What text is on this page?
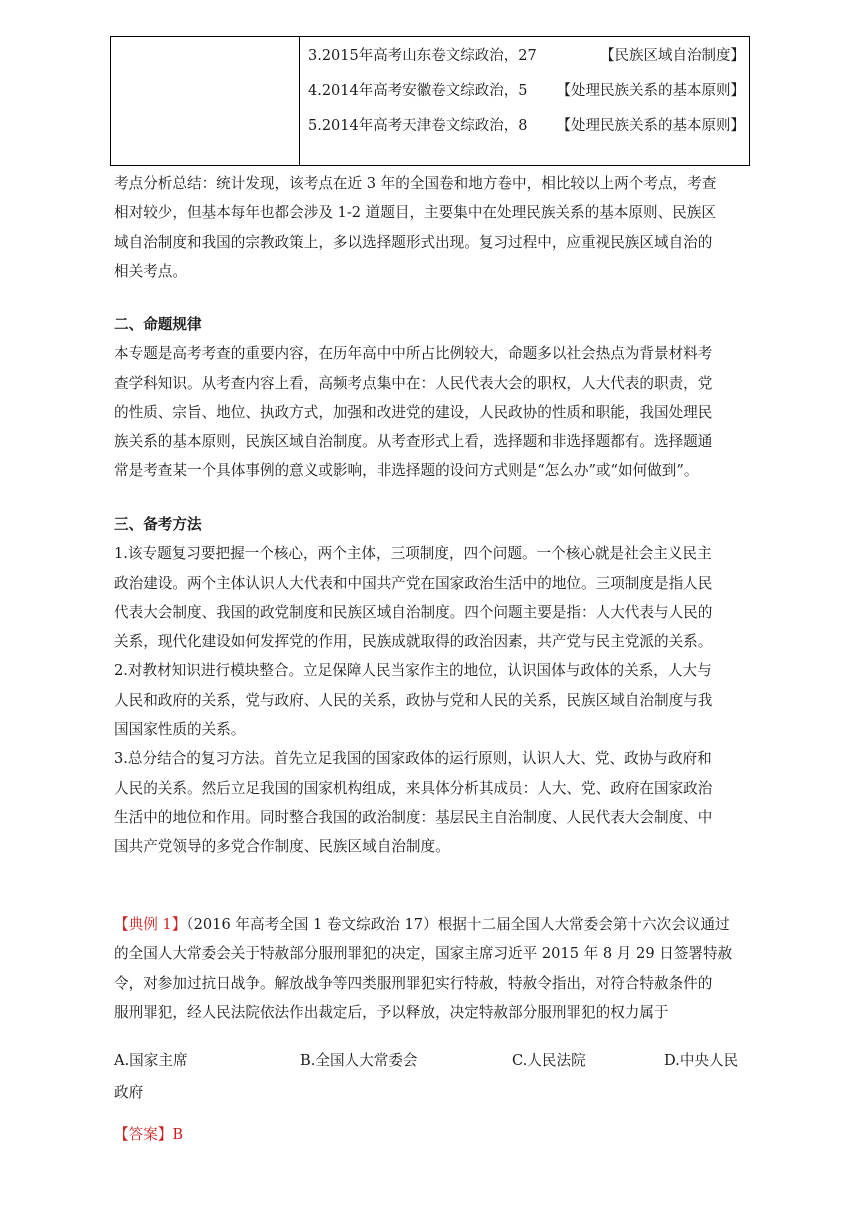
3.2015年高考山东卷文综政治，27	【民族区域自治制度】
4.2014年高考安徽卷文综政治，5 【处理民族关系的基本原则】
5.2014年高考天津卷文综政治，8 【处理民族关系的基本原则】
考点分析总结：统计发现，该考点在近 3 年的全国卷和地方卷中，相比较以上两个考点，考查
相对较少，但基本每年也都会涉及 1-2 道题目，主要集中在处理民族关系的基本原则、民族区
域自治制度和我国的宗教政策上，多以选择题形式出现。复习过程中，应重视民族区域自治的
相关考点。
二、命题规律
本专题是高考考查的重要内容，在历年高中中所占比例较大，命题多以社会热点为背景材料考
查学科知识。从考查内容上看，高频考点集中在：人民代表大会的职权，人大代表的职责，党
的性质、宗旨、地位、执政方式，加强和改进党的建设，人民政协的性质和职能，我国处理民
族关系的基本原则，民族区域自治制度。从考查形式上看，选择题和非选择题都有。选择题通
常是考查某一个具体事例的意义或影响，非选择题的设问方式则是“怎么办”或“如何做到”。
三、备考方法
1.该专题复习要把握一个核心，两个主体，三项制度，四个问题。一个核心就是社会主义民主
政治建设。两个主体认识人大代表和中国共产党在国家政治生活中的地位。三项制度是指人民
代表大会制度、我国的政党制度和民族区域自治制度。四个问题主要是指：人大代表与人民的
关系，现代化建设如何发挥党的作用，民族成就取得的政治因素，共产党与民主党派的关系。
2.对教材知识进行模块整合。立足保障人民当家作主的地位，认识国体与政体的关系，人大与
人民和政府的关系，党与政府、人民的关系，政协与党和人民的关系，民族区域自治制度与我
国国家性质的关系。
3.总分结合的复习方法。首先立足我国的国家政体的运行原则，认识人大、党、政协与政府和
人民的关系。然后立足我国的国家机构组成，来具体分析其成员：人大、党、政府在国家政治
生活中的地位和作用。同时整合我国的政治制度：基层民主自治制度、人民代表大会制度、中
国共产党领导的多党合作制度、民族区域自治制度。
【典例 1】（2016 年高考全国 1 卷文综政治 17）根据十二届全国人大常委会第十六次会议通过
的全国人大常委会关于特赦部分服刑罪犯的决定，国家主席习近平 2015 年 8 月 29 日签署特赦
令，对参加过抗日战争。解放战争等四类服刑罪犯实行特赦，特赦令指出，对符合特赦条件的
服刑罪犯，经人民法院依法作出裁定后，予以释放，决定特赦部分服刑罪犯的权力属于
A.国家主席	B.全国人大常委会	C.人民法院	D.中央人民
政府
【答案】B
